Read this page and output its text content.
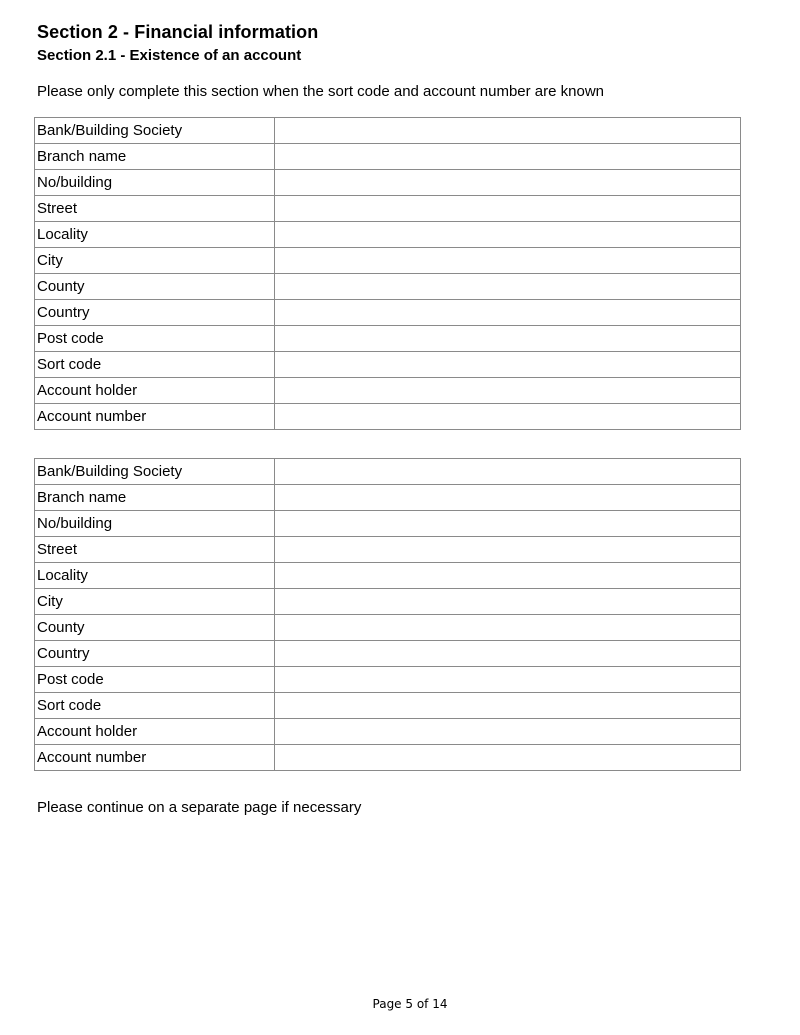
Section 2 - Financial information
Section 2.1 - Existence of an account

Please only complete this section when the sort code and account number are known

Bank/Building Society	

Branch name	

No/building	

Street	

Locality	

City	

County	

Country	

Post code	

Sort code	

Account holder	

Account number	
Bank/Building Society	

Branch name	

No/building	

Street	

Locality	

City	

County	

Country	

Post code	

Sort code	

Account holder	

Account number	

Please continue on a separate page if necessary

Page 5 of 14
